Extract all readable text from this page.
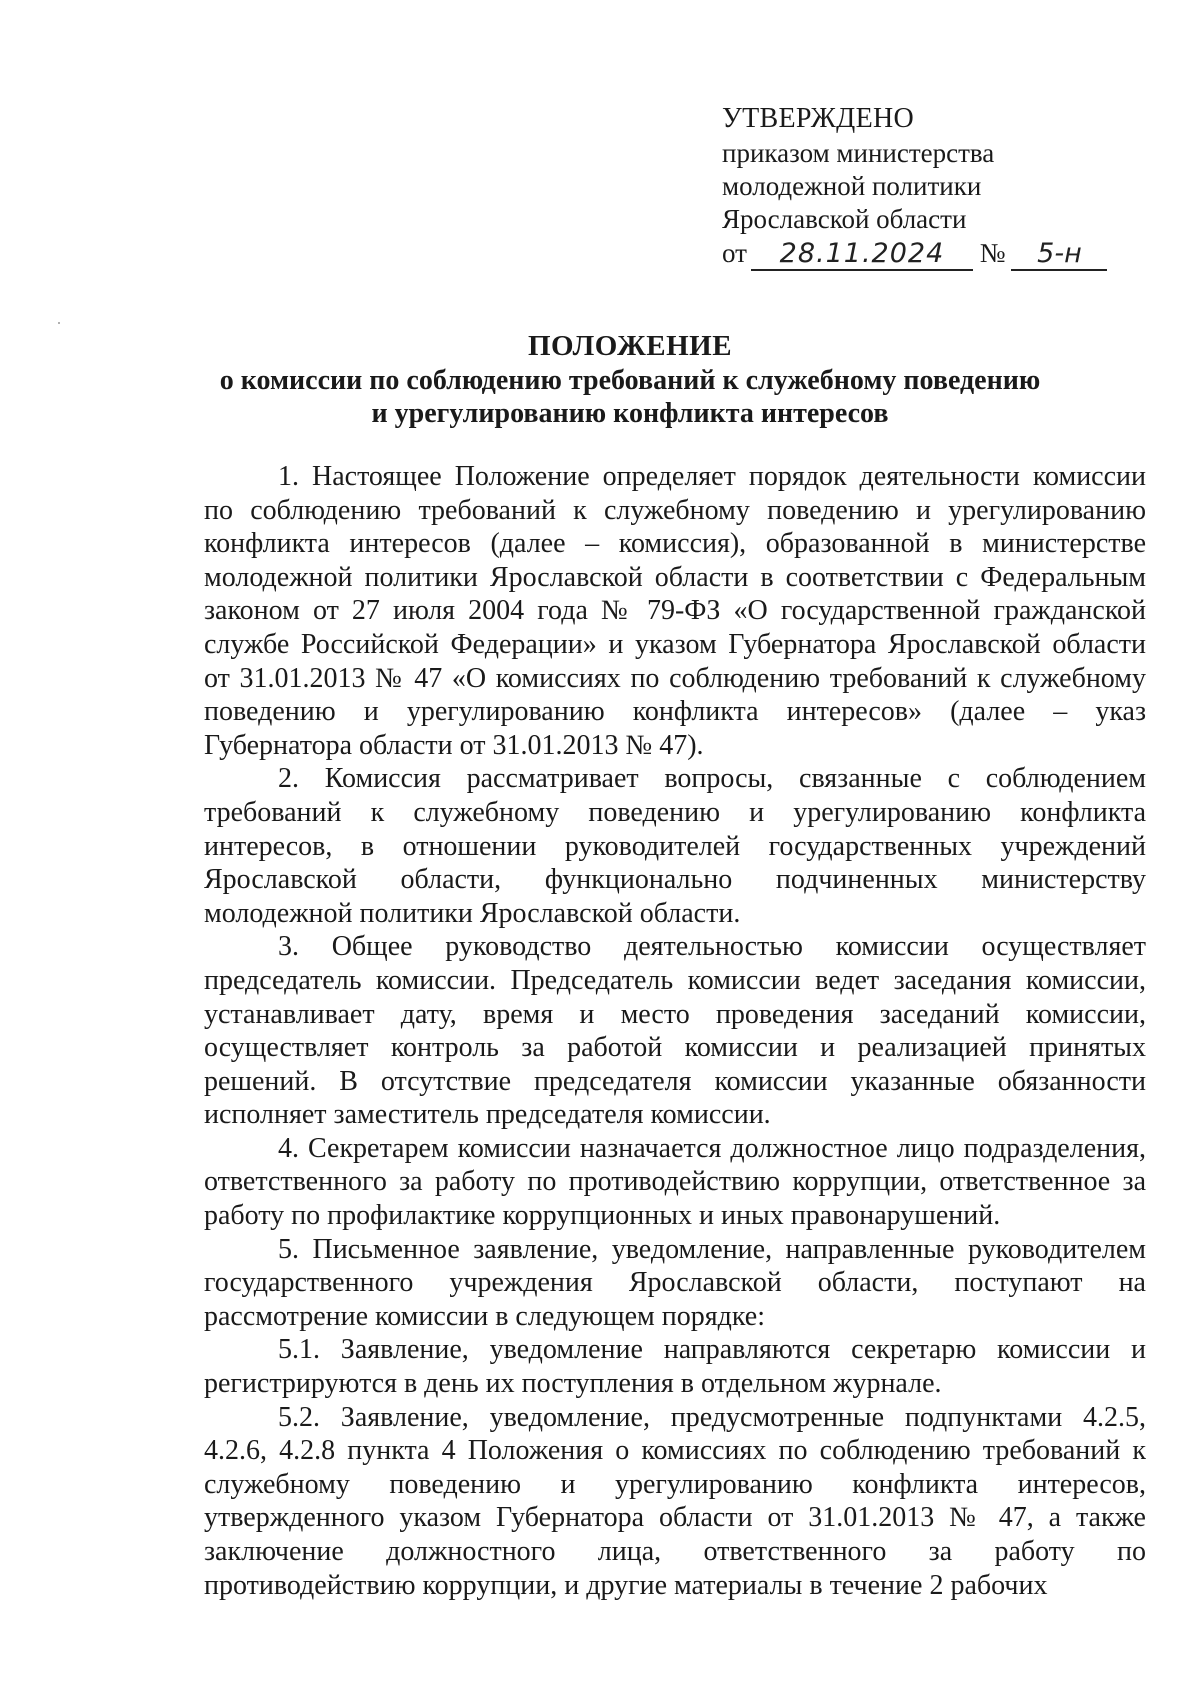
УТВЕРЖДЕНО
приказом министерства
молодежной политики
Ярославской области
от 28.11.2024 № 5-н
ПОЛОЖЕНИЕ
о комиссии по соблюдению требований к служебному поведению
и урегулированию конфликта интересов

1. Настоящее Положение определяет порядок деятельности комиссии по соблюдению требований к служебному поведению и урегулированию конфликта интересов (далее – комиссия), образованной в министерстве молодежной политики Ярославской области в соответствии с Федеральным законом от 27 июля 2004 года № 79-ФЗ «О государственной гражданской службе Российской Федерации» и указом Губернатора Ярославской области от 31.01.2013 № 47 «О комиссиях по соблюдению требований к служебному поведению и урегулированию конфликта интересов» (далее – указ Губернатора области от 31.01.2013 № 47).

2. Комиссия рассматривает вопросы, связанные с соблюдением требований к служебному поведению и урегулированию конфликта интересов, в отношении руководителей государственных учреждений Ярославской области, функционально подчиненных министерству молодежной политики Ярославской области.

3. Общее руководство деятельностью комиссии осуществляет председатель комиссии. Председатель комиссии ведет заседания комиссии, устанавливает дату, время и место проведения заседаний комиссии, осуществляет контроль за работой комиссии и реализацией принятых решений. В отсутствие председателя комиссии указанные обязанности исполняет заместитель председателя комиссии.

4. Секретарем комиссии назначается должностное лицо подразделения, ответственного за работу по противодействию коррупции, ответственное за работу по профилактике коррупционных и иных правонарушений.

5. Письменное заявление, уведомление, направленные руководителем государственного учреждения Ярославской области, поступают на рассмотрение комиссии в следующем порядке:

5.1. Заявление, уведомление направляются секретарю комиссии и регистрируются в день их поступления в отдельном журнале.

5.2. Заявление, уведомление, предусмотренные подпунктами 4.2.5, 4.2.6, 4.2.8 пункта 4 Положения о комиссиях по соблюдению требований к служебному поведению и урегулированию конфликта интересов, утвержденного указом Губернатора области от 31.01.2013 № 47, а также заключение должностного лица, ответственного за работу по противодействию коррупции, и другие материалы в течение 2 рабочих
